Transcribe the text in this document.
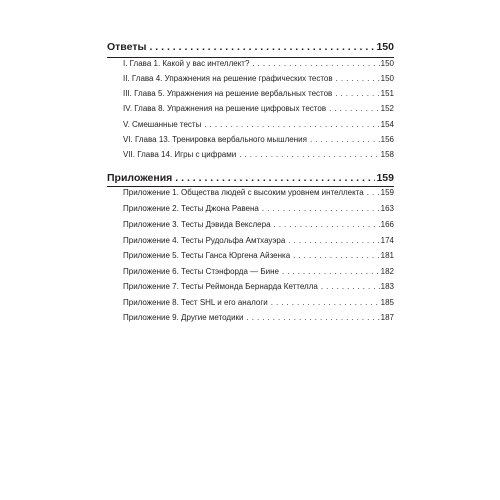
Ответы . . .	150
I. Глава 1. Какой у вас интеллект? . . .	150
II. Глава 4. Упражнения на решение графических тестов . . .	150
III. Глава 5. Упражнения на решение вербальных тестов . . .	151
IV. Глава 8. Упражнения на решение цифровых тестов . . .	152
V. Смешанные тесты . . .	154
VI. Глава 13. Тренировка вербального мышления . . .	156
VII. Глава 14. Игры с цифрами . . .	158
Приложения . . .	159
Приложение 1. Общества людей с высоким уровнем интеллекта . . . 159
Приложение 2. Тесты Джона Равена . . .	163
Приложение 3. Тесты Дэвида Векслера . . .	166
Приложение 4. Тесты Рудольфа Амтхауэра . . .	174
Приложение 5. Тесты Ганса Юргена Айзенка . . .	181
Приложение 6. Тесты Стэнфорда — Бине . . .	182
Приложение 7. Тесты Реймонда Бернарда Кеттелла . . .	183
Приложение 8. Тест SHL и его аналоги . . .	185
Приложение 9. Другие методики . . .	187
